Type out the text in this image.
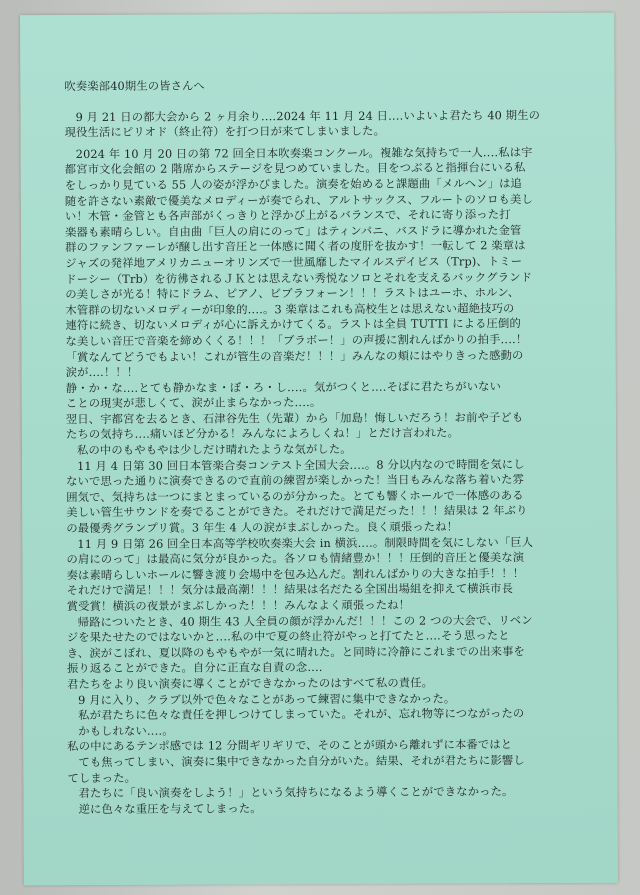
吹奏楽部40期生の皆さんへ
9 月 21 日の都大会から 2 ヶ月余り‥‥2024 年 11 月 24 日‥‥いよいよ君たち 40 期生の
現役生活にピリオド（終止符）を打つ日が来てしまいました。
2024 年 10 月 20 日の第 72 回全日本吹奏楽コンクール。複雑な気持ちで一人‥‥私は宇
都宮市文化会館の 2 階席からステージを見つめていました。目をつぶると指揮台にいる私
をしっかり見ている 55 人の姿が浮かびました。演奏を始めると課題曲「メルヘン」は追
随を許さない素敵で優美なメロディーが奏でられ、アルトサックス、フルートのソロも美し
い！木管・金管とも各声部がくっきりと浮かび上がるバランスで、それに寄り添った打
楽器も素晴らしい。自由曲「巨人の肩にのって」はティンパニ、バスドラに導かれた金管
群のファンファーレが醸し出す音圧と一体感に聞く者の度肝を抜かす！一転して 2 楽章は
ジャズの発祥地アメリカニューオリンズで一世風靡したマイルスデイビス（Trp)、トミー
ドーシー（Trb）を彷彿されるＪＫとは思えない秀悦なソロとそれを支えるバックグランド
の美しさが光る！特にドラム、ピアノ、ビブラフォーン！！！ラストはユーホ、ホルン、
木管群の切ないメロディーが印象的‥‥。3 楽章はこれも高校生とは思えない超絶技巧の
連符に続き、切ないメロディが心に訴えかけてくる。ラストは全員 TUTTI による圧倒的
な美しい音圧で音楽を締めくくる！！！「ブラボー！」の声援に割れんばかりの拍手‥‥！
「賞なんてどうでもよい！これが管生の音楽だ！！！」みんなの頬にはやりきった感動の
涙が‥‥！！！
静・か・な‥‥とても静かなま・ぼ・ろ・し‥‥。気がつくと‥‥そばに君たちがいない
ことの現実が悲しくて、涙が止まらなかった‥‥。
翌日、宇都宮を去るとき、石津谷先生（先輩）から「加島！悔しいだろう！お前や子ども
たちの気持ち‥‥痛いほど分かる！みんなによろしくね！」とだけ言われた。
私の中のもやもやは少しだけ晴れたような気がした。
11 月 4 日第 30 回日本管楽合奏コンテスト全国大会‥‥。8 分以内なので時間を気にし
ないで思った通りに演奏できるので直前の練習が楽しかった！当日もみんな落ち着いた雰
囲気で、気持ちは一つにまとまっているのが分かった。とても響くホールで一体感のある
美しい管生サウンドを奏でることができた。それだけで満足だった！！！結果は 2 年ぶり
の最優秀グランプリ賞。3 年生 4 人の涙がまぶしかった。良く頑張ったね！
11 月 9 日第 26 回全日本高等学校吹奏楽大会 in 横浜‥‥。制限時間を気にしない「巨人
の肩にのって」は最高に気分が良かった。各ソロも情緒豊か！！！圧倒的音圧と優美な演
奏は素晴らしいホールに響き渡り会場中を包み込んだ。割れんばかりの大きな拍手！！！
それだけで満足！！！気分は最高潮！！！結果は名だたる全国出場組を抑えて横浜市長
賞受賞！横浜の夜景がまぶしかった！！！みんなよく頑張ったね！
帰路についたとき、40 期生 43 人全員の顔が浮かんだ！！！この 2 つの大会で、リベン
ジを果たせたのではないかと‥‥私の中で夏の終止符がやっと打てたと‥‥そう思ったと
き、涙がこぼれ、夏以降のもやもやが一気に晴れた。と同時に冷静にこれまでの出来事を
振り返ることができた。自分に正直な自責の念‥‥
君たちをより良い演奏に導くことができなかったのはすべて私の責任。
9 月に入り、クラブ以外で色々なことがあって練習に集中できなかった。
私が君たちに色々な責任を押しつけてしまっていた。それが、忘れ物等につながったの
かもしれない‥‥。
私の中にあるテンポ感では 12 分間ギリギリで、そのことが頭から離れずに本番ではと
ても焦ってしまい、演奏に集中できなかった自分がいた。結果、それが君たちに影響し
てしまった。
君たちに「良い演奏をしよう！」という気持ちになるよう導くことができなかった。
逆に色々な重圧を与えてしまった。
